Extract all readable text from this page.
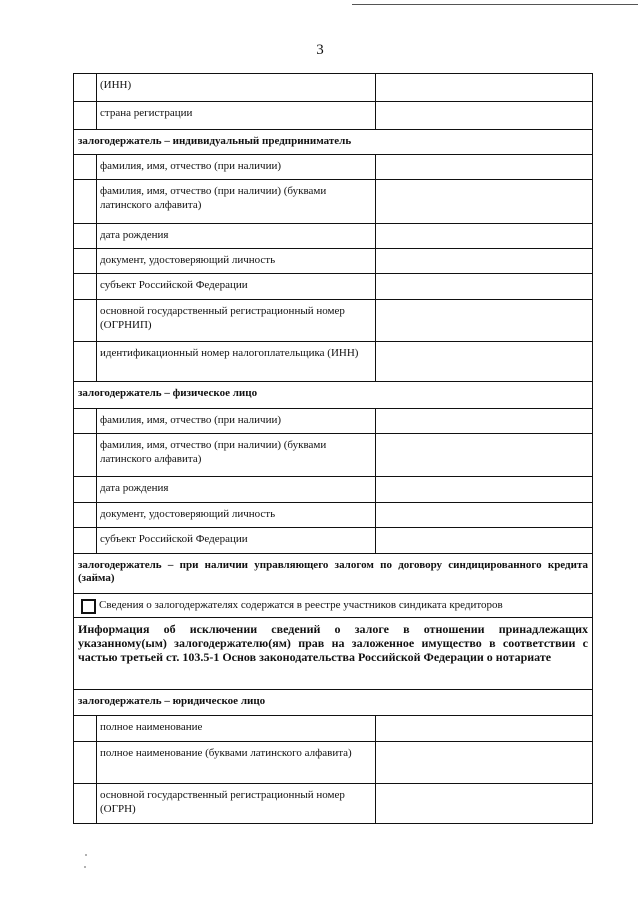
3
(ИНН)
страна регистрации
залогодержатель – индивидуальный предприниматель
фамилия, имя, отчество (при наличии)
фамилия, имя, отчество (при наличии) (буквами латинского алфавита)
дата рождения
документ, удостоверяющий личность
субъект Российской Федерации
основной государственный регистрационный номер (ОГРНИП)
идентификационный номер налогоплательщика (ИНН)
залогодержатель – физическое лицо
фамилия, имя, отчество (при наличии)
фамилия, имя, отчество (при наличии) (буквами латинского алфавита)
дата рождения
документ, удостоверяющий личность
субъект Российской Федерации
залогодержатель – при наличии управляющего залогом по договору синдицированного кредита (займа)
Сведения о залогодержателях содержатся в реестре участников синдиката кредиторов
Информация об исключении сведений о залоге в отношении принадлежащих указанному(ым) залогодержателю(ям) прав на заложенное имущество в соответствии с частью третьей ст. 103.5-1 Основ законодательства Российской Федерации о нотариате
залогодержатель – юридическое лицо
полное наименование
полное наименование (буквами латинского алфавита)
основной государственный регистрационный номер (ОГРН)
